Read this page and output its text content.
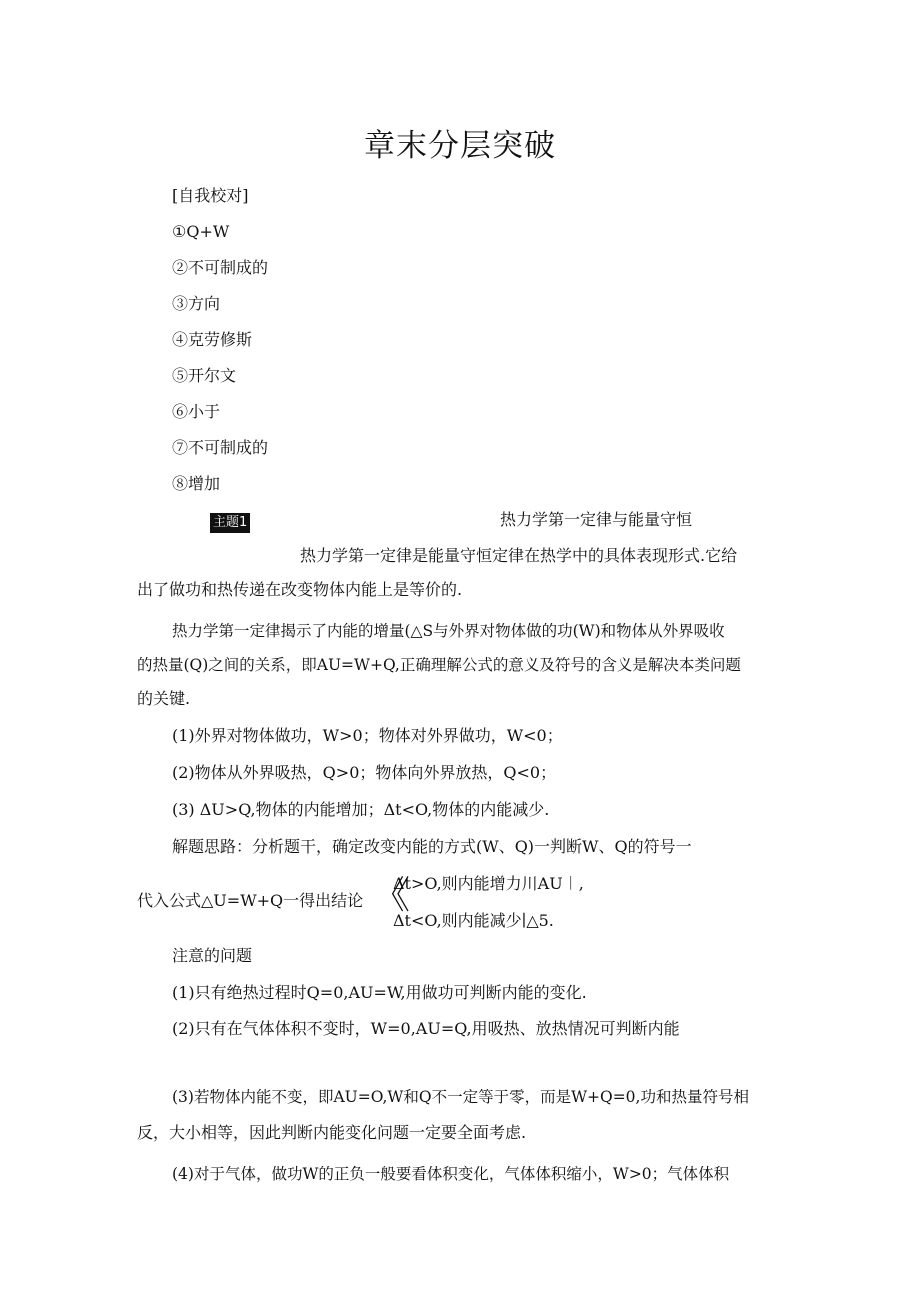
章末分层突破
[自我校对]
①Q+W
②不可制成的
③方向
④克劳修斯
⑤开尔文
⑥小于
⑦不可制成的
⑧增加
主题1	热力学第一定律与能量守恒
热力学第一定律是能量守恒定律在热学中的具体表现形式.它给
出了做功和热传递在改变物体内能上是等价的.
热力学第一定律揭示了内能的增量(△S与外界对物体做的功(W)和物体从外界吸收
的热量(Q)之间的关系，即AU=W+Q,正确理解公式的意义及符号的含义是解决本类问题
的关键.
(1)外界对物体做功，W>0；物体对外界做功，W<0；
(2)物体从外界吸热，Q>0；物体向外界放热，Q<0；
(3) ΔU>Q,物体的内能增加；Δt<O,物体的内能减少.
解题思路：分析题干，确定改变内能的方式(W、Q)一判断W、Q的符号一
代入公式△U=W+Q一得出结论 《
Δt>O,则内能增力川AU︱,
Δt<O,则内能减少∣△5.
注意的问题
(1)只有绝热过程时Q=0,AU=W,用做功可判断内能的变化.
(2)只有在气体体积不变时，W=0,AU=Q,用吸热、放热情况可判断内能
(3)若物体内能不变，即AU=O,W和Q不一定等于零，而是W+Q=0,功和热量符号相
反，大小相等，因此判断内能变化问题一定要全面考虑.
(4)对于气体，做功W的正负一般要看体积变化，气体体积缩小，W>0；气体体积
